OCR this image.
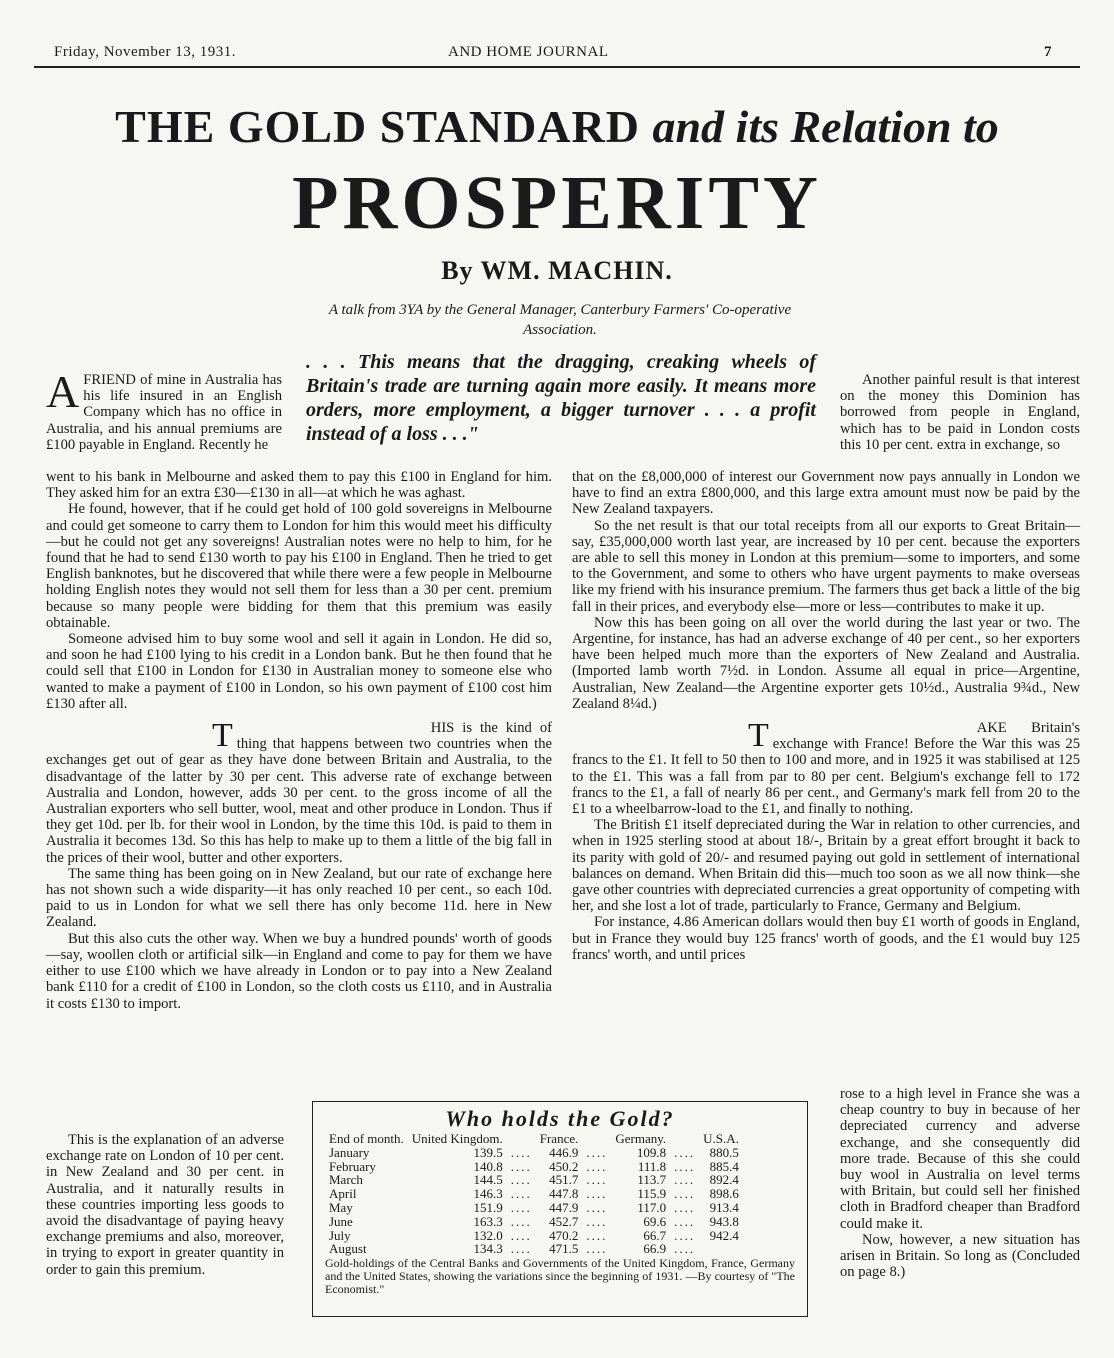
Friday, November 13, 1931.	AND HOME JOURNAL	7
THE GOLD STANDARD and its Relation to
PROSPERITY
By WM. MACHIN.
A talk from 3YA by the General Manager, Canterbury Farmers' Co-operative Association.
. . . This means that the dragging, creaking wheels of Britain's trade are turning again more easily. It means more orders, more employment, a bigger turnover . . . a profit instead of a loss . . ."

A FRIEND of mine in Australia has his life insured in an English Company which has no office in Australia, and his annual premiums are £100 payable in England. Recently he

went to his bank in Melbourne and asked them to pay this £100 in England for him. They asked him for an extra £30—£130 in all—at which he was aghast.

He found, however, that if he could get hold of 100 gold sovereigns in Melbourne and could get someone to carry them to London for him this would meet his difficulty—but he could not get any sovereigns! Australian notes were no help to him, for he found that he had to send £130 worth to pay his £100 in England. Then he tried to get English banknotes, but he discovered that while there were a few people in Melbourne holding English notes they would not sell them for less than a 30 per cent. premium because so many people were bidding for them that this premium was easily obtainable.

Someone advised him to buy some wool and sell it again in London. He did so, and soon he had £100 lying to his credit in a London bank. But he then found that he could sell that £100 in London for £130 in Australian money to someone else who wanted to make a payment of £100 in London, so his own payment of £100 cost him £130 after all.

T	HIS is the kind of thing that happens between two countries when the exchanges get out of gear as they have done between Britain and Australia, to the disadvantage of the latter by 30 per cent. This adverse rate of exchange between Australia and London, however, adds 30 per cent. to the gross income of all the Australian exporters who sell butter, wool, meat and other produce in London. Thus if they get 10d. per lb. for their wool in London, by the time this 10d. is paid to them in Australia it becomes 13d. So this has help to make up to them a little of the big fall in the prices of their wool, butter and other exporters.

The same thing has been going on in New Zealand, but our rate of exchange here has not shown such a wide disparity—it has only reached 10 per cent., so each 10d. paid to us in London for what we sell there has only become 11d. here in New Zealand.

But this also cuts the other way. When we buy a hundred pounds' worth of goods—say, woollen cloth or artificial silk—in England and come to pay for them we have either to use £100 which we have already in London or to pay into a New Zealand bank £110 for a credit of £100 in London, so the cloth costs us £110, and in Australia it costs £130 to import.

This is the explanation of an adverse exchange rate on London of 10 per cent. in New Zealand and 30 per cent. in Australia, and it naturally results in these countries importing less goods to avoid the disadvantage of paying heavy exchange premiums and also, moreover, in trying to export in greater quantity in order to gain this premium.

Another painful result is that interest on the money this Dominion has borrowed from people in England, which has to be paid in London costs this 10 per cent. extra in exchange, so

that on the £8,000,000 of interest our Government now pays annually in London we have to find an extra £800,000, and this large extra amount must now be paid by the New Zealand taxpayers.

So the net result is that our total receipts from all our exports to Great Britain—say, £35,000,000 worth last year, are increased by 10 per cent. because the exporters are able to sell this money in London at this premium—some to importers, and some to the Government, and some to others who have urgent payments to make overseas like my friend with his insurance premium. The farmers thus get back a little of the big fall in their prices, and everybody else—more or less—contributes to make it up.

Now this has been going on all over the world during the last year or two. The Argentine, for instance, has had an adverse exchange of 40 per cent., so her exporters have been helped much more than the exporters of New Zealand and Australia. (Imported lamb worth 7½d. in London. Assume all equal in price—Argentine, Australian, New Zealand—the Argentine exporter gets 10½d., Australia 9¾d., New Zealand 8¼d.)

T	AKE Britain's exchange with France! Before the War this was 25 francs to the £1. It fell to 50 then to 100 and more, and in 1925 it was stabilised at 125 to the £1. This was a fall from par to 80 per cent. Belgium's exchange fell to 172 francs to the £1, a fall of nearly 86 per cent., and Germany's mark fell from 20 to the £1 to a wheelbarrow-load to the £1, and finally to nothing.

The British £1 itself depreciated during the War in relation to other currencies, and when in 1925 sterling stood at about 18/-, Britain by a great effort brought it back to its parity with gold of 20/- and resumed paying out gold in settlement of international balances on demand. When Britain did this—much too soon as we all now think—she gave other countries with depreciated currencies a great opportunity of competing with her, and she lost a lot of trade, particularly to France, Germany and Belgium.

For instance, 4.86 American dollars would then buy £1 worth of goods in England, but in France they would buy 125 francs' worth of goods, and the £1 would buy 125 francs' worth, and until prices

rose to a high level in France she was a cheap country to buy in because of her depreciated currency and adverse exchange, and she consequently did more trade. Because of this she could buy wool in Australia on level terms with Britain, but could sell her finished cloth in Bradford cheaper than Bradford could make it.

Now, however, a new situation has arisen in Britain. So long as (Concluded on page 8.)

Who holds the Gold?
End of month.	United Kingdom.		France.		Germany.		U.S.A.
January	139.5	....	446.9	....	109.8	....	880.5
February	140.8	....	450.2	....	111.8	....	885.4
March	144.5	....	451.7	....	113.7	....	892.4
April	146.3	....	447.8	....	115.9	....	898.6
May	151.9	....	447.9	....	117.0	....	913.4
June	163.3	....	452.7	....	69.6	....	943.8
July	132.0	....	470.2	....	66.7	....	942.4
August	134.3	....	471.5	....	66.9	....	
Gold-holdings of the Central Banks and Governments of the United Kingdom, France, Germany and the United States, showing the variations since the beginning of 1931. —By courtesy of "The Economist."
